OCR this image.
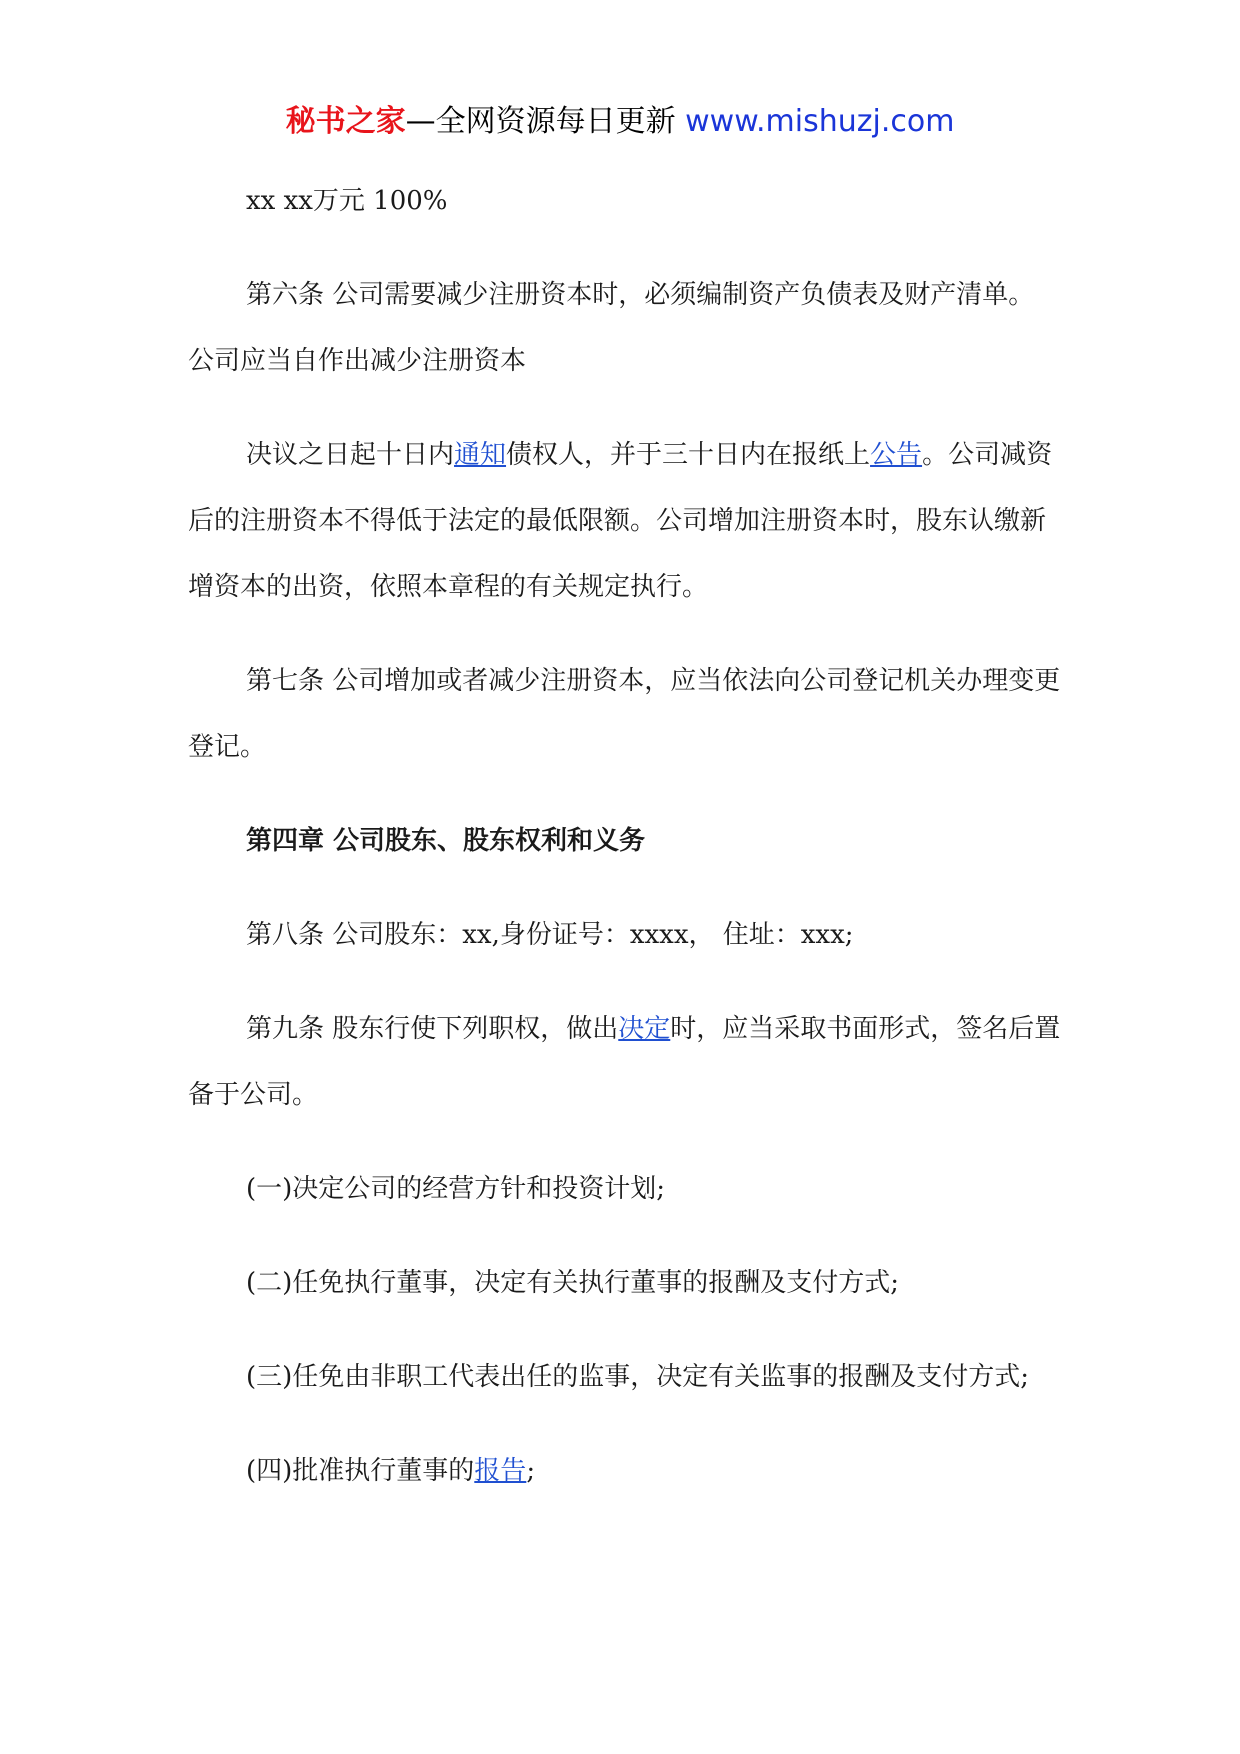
秘书之家—全网资源每日更新 www.mishuzj.com

xx xx万元 100%

第六条 公司需要减少注册资本时，必须编制资产负债表及财产清单。 公司应当自作出减少注册资本

决议之日起十日内通知债权人，并于三十日内在报纸上公告。公司减资后的注册资本不得低于法定的最低限额。公司增加注册资本时，股东认缴新增资本的出资，依照本章程的有关规定执行。

第七条 公司增加或者减少注册资本，应当依法向公司登记机关办理变更登记。

第四章 公司股东、股东权利和义务

第八条 公司股东：xx,身份证号：xxxx， 住址：xxx;

第九条 股东行使下列职权，做出决定时，应当采取书面形式，签名后置备于公司。

(一)决定公司的经营方针和投资计划;

(二)任免执行董事，决定有关执行董事的报酬及支付方式;

(三)任免由非职工代表出任的监事，决定有关监事的报酬及支付方式;

(四)批准执行董事的报告;
